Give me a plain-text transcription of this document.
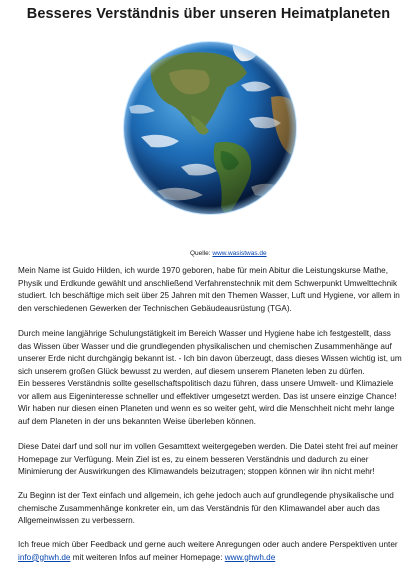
Besseres Verständnis über unseren Heimatplaneten
Quelle: www.wasistwas.de
Mein Name ist Guido Hilden, ich wurde 1970 geboren, habe für mein Abitur die Leistungskurse Mathe, Physik und Erdkunde gewählt und anschließend Verfahrenstechnik mit dem Schwerpunkt Umwelttechnik studiert. Ich beschäftige mich seit über 25 Jahren mit den Themen Wasser, Luft und Hygiene, vor allem in den verschiedenen Gewerken der Technischen Gebäudeausrüstung (TGA).
Durch meine langjährige Schulungstätigkeit im Bereich Wasser und Hygiene habe ich festgestellt, dass das Wissen über Wasser und die grundlegenden physikalischen und chemischen Zusammenhänge auf unserer Erde nicht durchgängig bekannt ist. - Ich bin davon überzeugt, dass dieses Wissen wichtig ist, um sich unserem großen Glück bewusst zu werden, auf diesem unserem Planeten leben zu dürfen.
Ein besseres Verständnis sollte gesellschaftspolitisch dazu führen, dass unsere Umwelt- und Klimaziele vor allem aus Eigeninteresse schneller und effektiver umgesetzt werden. Das ist unsere einzige Chance! Wir haben nur diesen einen Planeten und wenn es so weiter geht, wird die Menschheit nicht mehr lange auf dem Planeten in der uns bekannten Weise überleben können.
Diese Datei darf und soll nur im vollen Gesamttext weitergegeben werden. Die Datei steht frei auf meiner Homepage zur Verfügung. Mein Ziel ist es, zu einem besseren Verständnis und dadurch zu einer Minimierung der Auswirkungen des Klimawandels beizutragen; stoppen können wir ihn nicht mehr!
Zu Beginn ist der Text einfach und allgemein, ich gehe jedoch auch auf grundlegende physikalische und chemische Zusammenhänge konkreter ein, um das Verständnis für den Klimawandel aber auch das Allgemeinwissen zu verbessern.
Ich freue mich über Feedback und gerne auch weitere Anregungen oder auch andere Perspektiven unter info@ghwh.de mit weiteren Infos auf meiner Homepage: www.ghwh.de
